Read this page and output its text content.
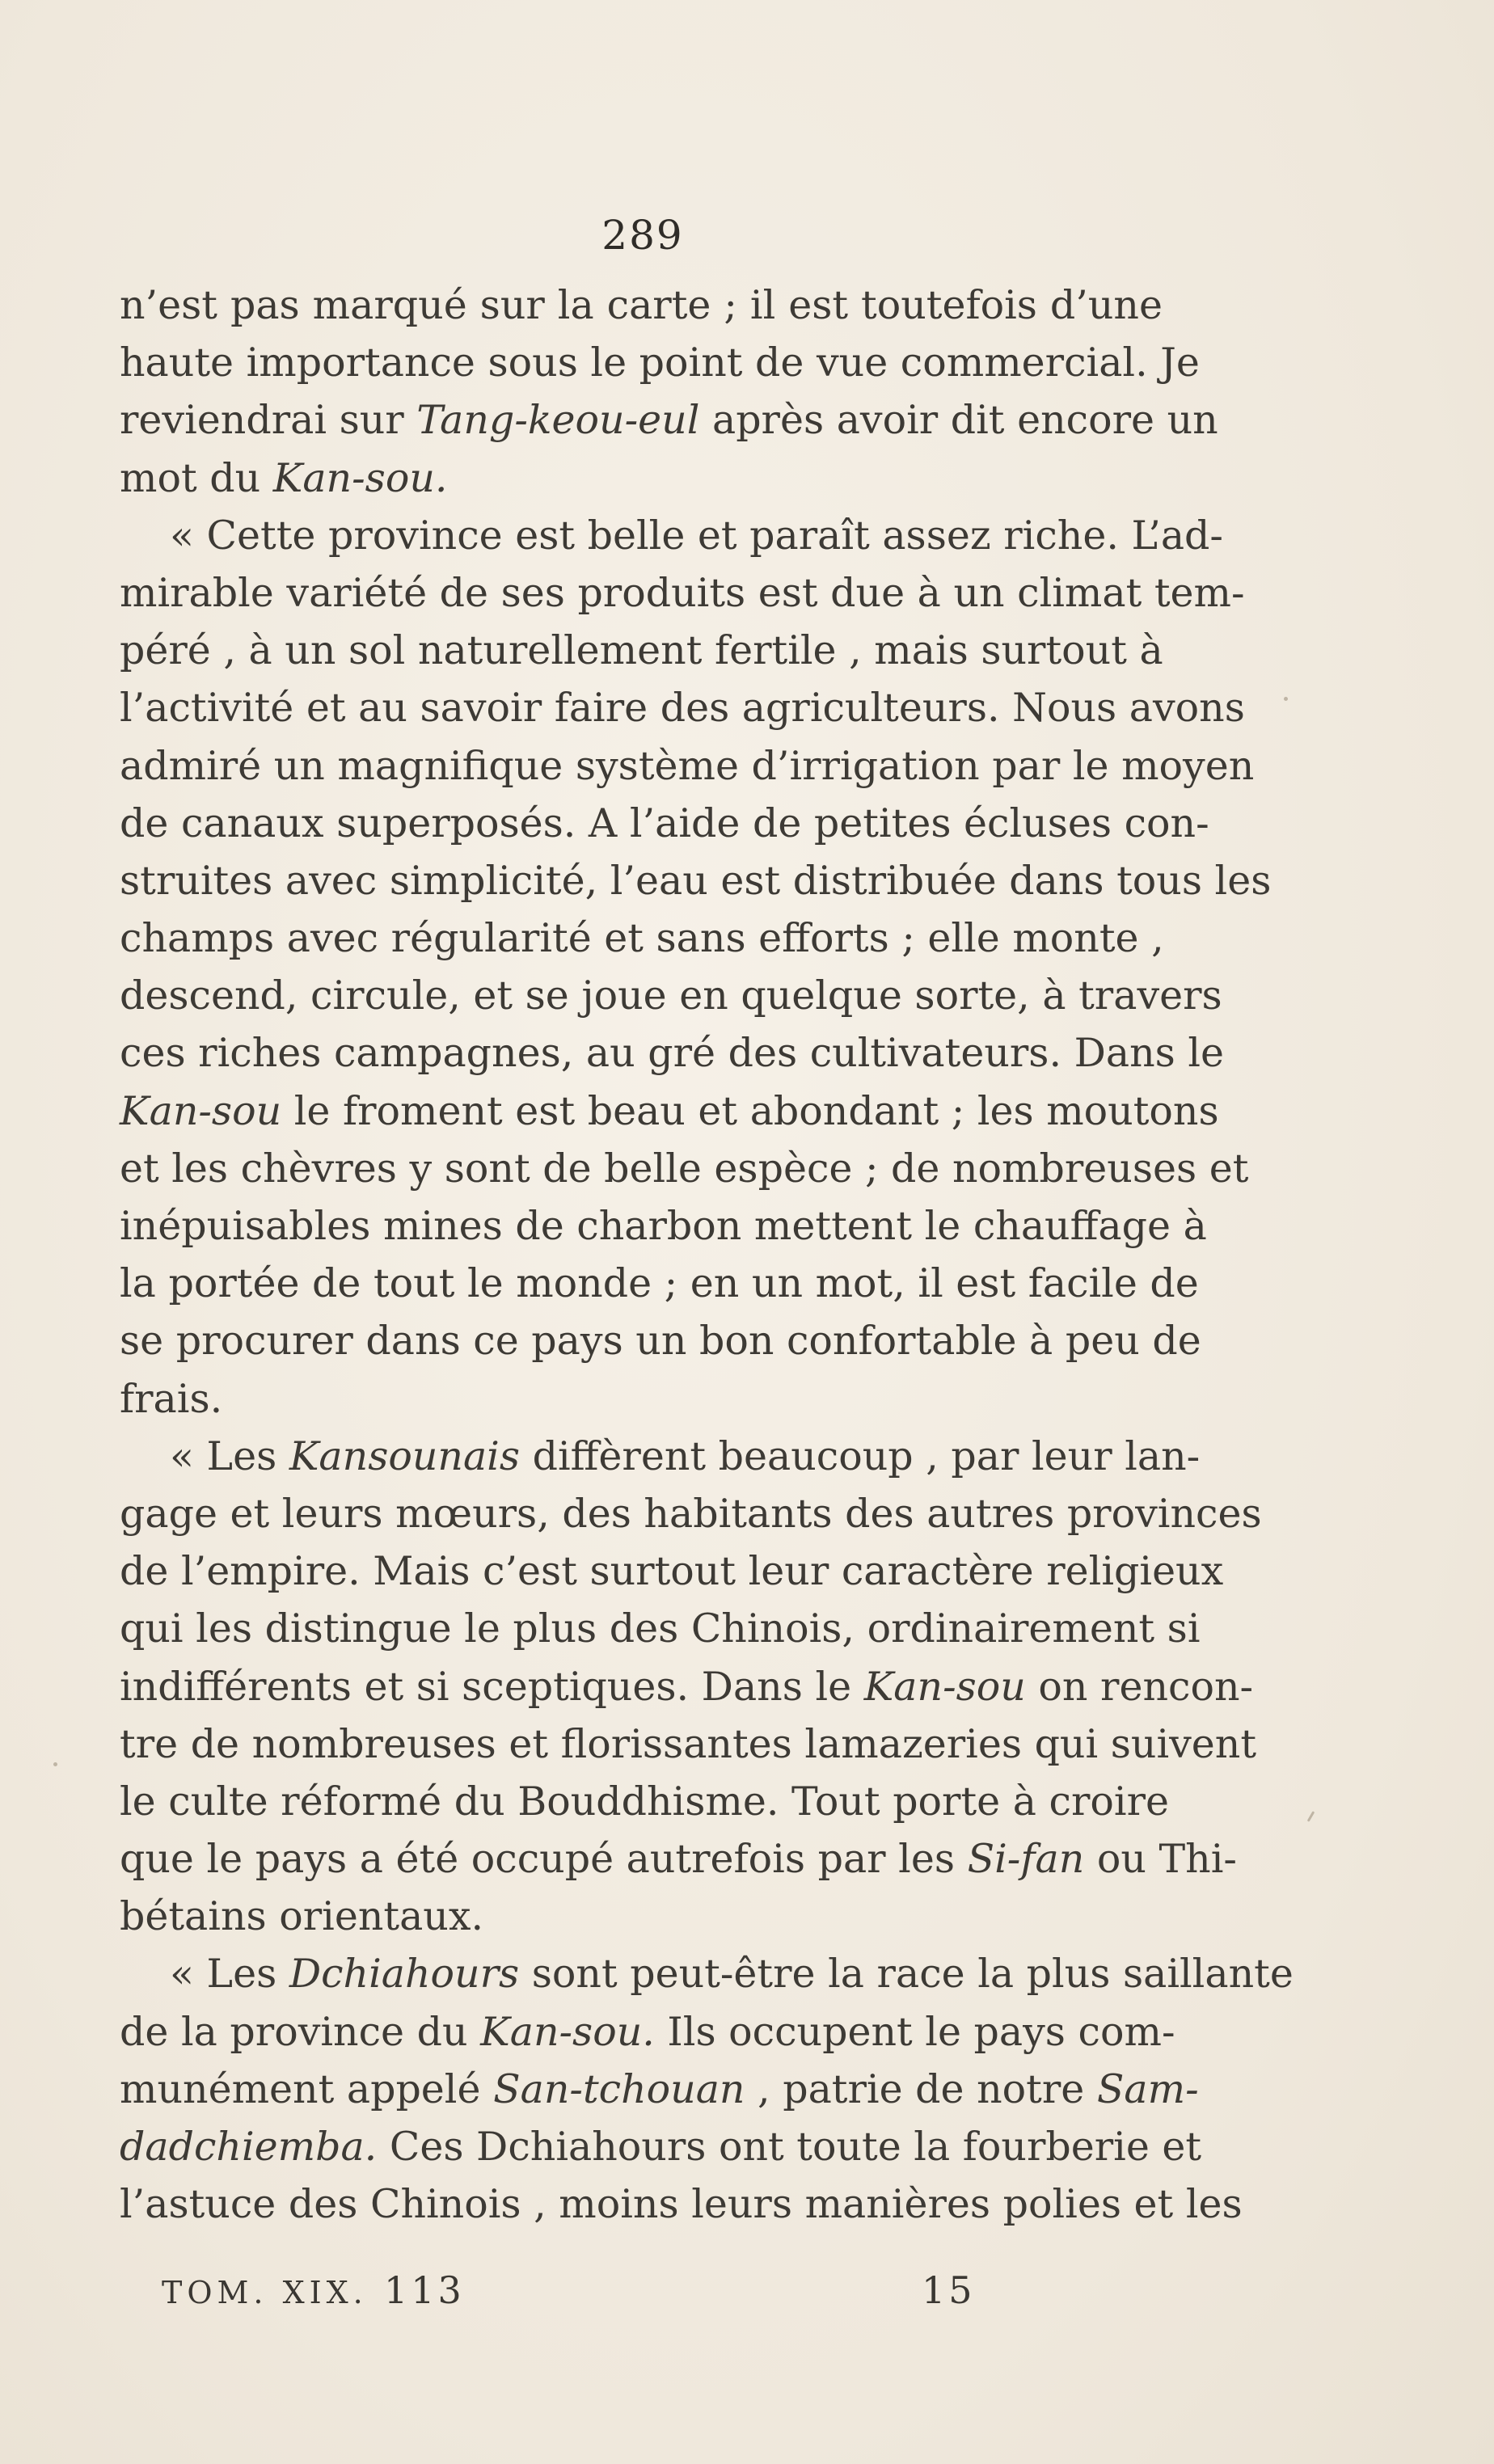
289
n’est pas marqué sur la carte ; il est toutefois d’une
haute importance sous le point de vue commercial. Je
reviendrai sur Tang-keou-eul après avoir dit encore un
mot du Kan-sou.
« Cette province est belle et paraît assez riche. L’ad-
mirable variété de ses produits est due à un climat tem-
péré , à un sol naturellement fertile , mais surtout à
l’activité et au savoir faire des agriculteurs. Nous avons
admiré un magnifique système d’irrigation par le moyen
de canaux superposés. A l’aide de petites écluses con-
struites avec simplicité, l’eau est distribuée dans tous les
champs avec régularité et sans efforts ; elle monte ,
descend, circule, et se joue en quelque sorte, à travers
ces riches campagnes, au gré des cultivateurs. Dans le
Kan-sou le froment est beau et abondant ; les moutons
et les chèvres y sont de belle espèce ; de nombreuses et
inépuisables mines de charbon mettent le chauffage à
la portée de tout le monde ; en un mot, il est facile de
se procurer dans ce pays un bon confortable à peu de
frais.
« Les Kansounais diffèrent beaucoup , par leur lan-
gage et leurs mœurs, des habitants des autres provinces
de l’empire. Mais c’est surtout leur caractère religieux
qui les distingue le plus des Chinois, ordinairement si
indifférents et si sceptiques. Dans le Kan-sou on rencon-
tre de nombreuses et florissantes lamazeries qui suivent
le culte réformé du Bouddhisme. Tout porte à croire
que le pays a été occupé autrefois par les Si-fan ou Thi-
bétains orientaux.
« Les Dchiahours sont peut-être la race la plus saillante
de la province du Kan-sou. Ils occupent le pays com-
munément appelé San-tchouan , patrie de notre Sam-
dadchiemba. Ces Dchiahours ont toute la fourberie et
l’astuce des Chinois , moins leurs manières polies et les
TOM. XIX. 113	15
